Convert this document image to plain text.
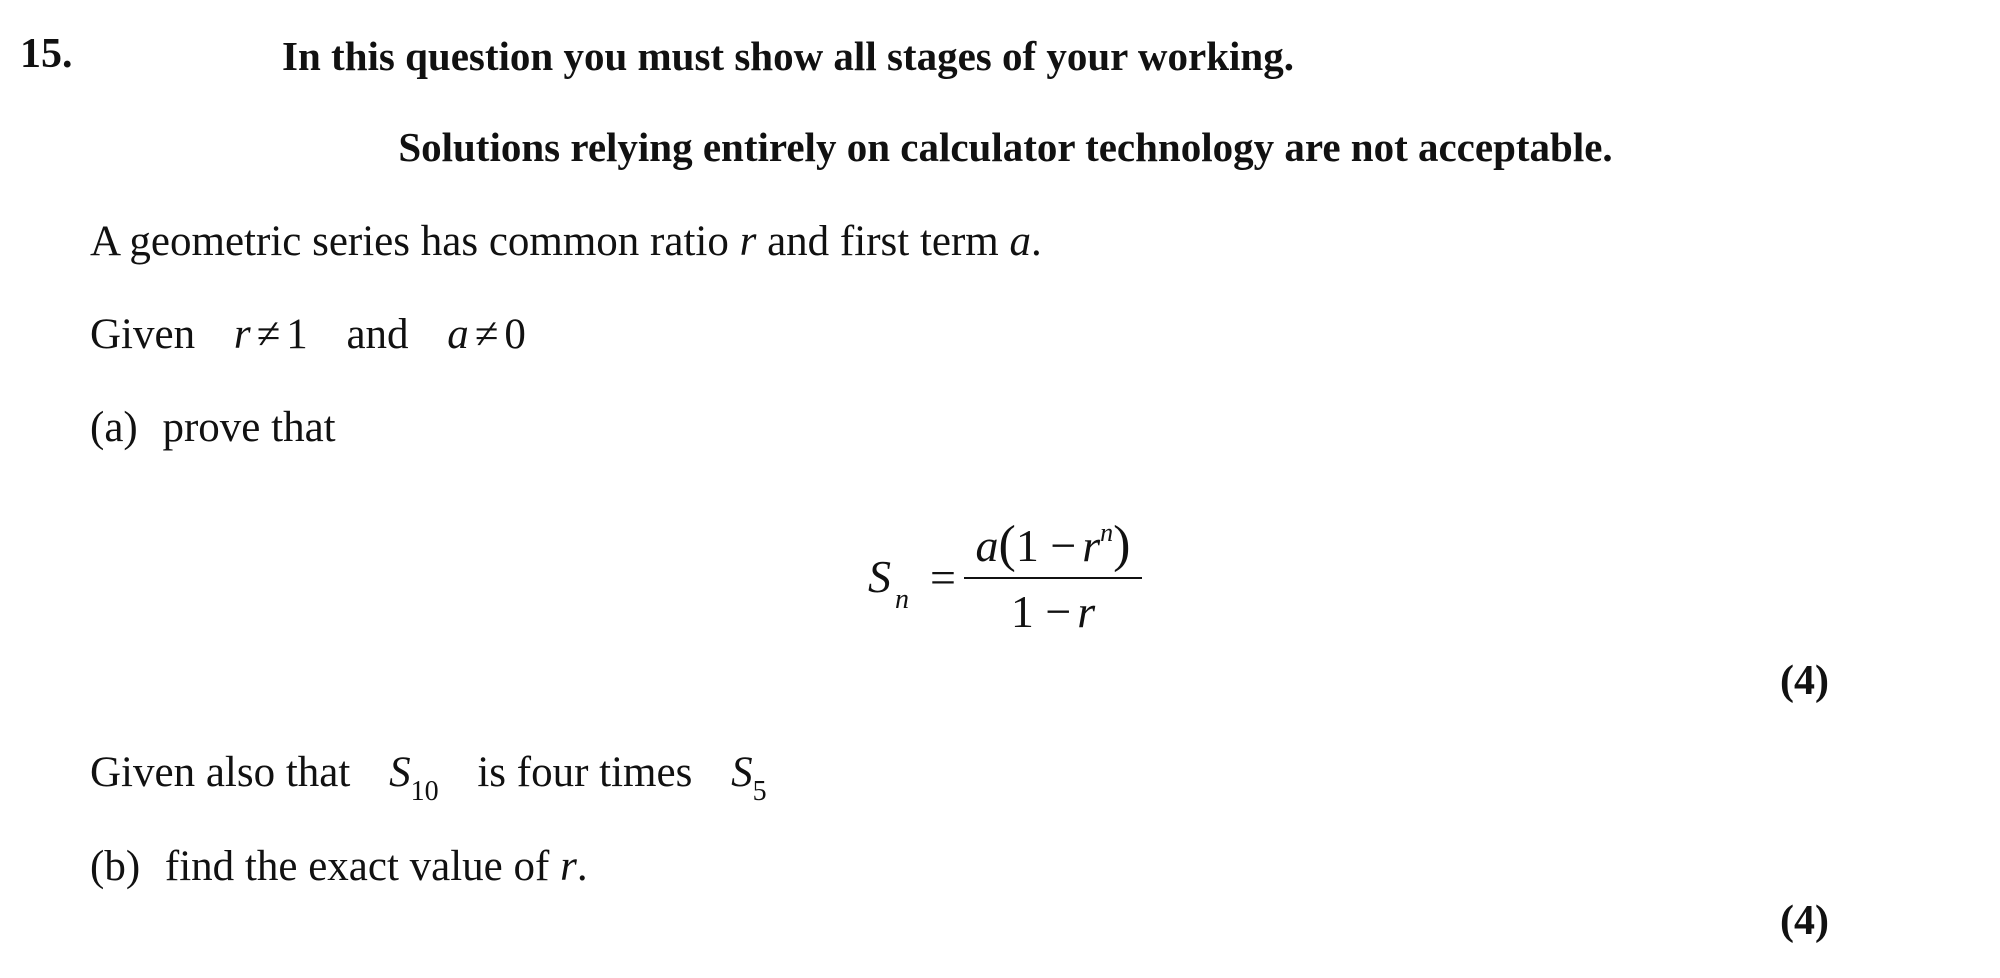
15.	In this question you must show all stages of your working.
Solutions relying entirely on calculator technology are not acceptable.
A geometric series has common ratio r and first term a.
Given r ≠ 1 and a ≠ 0
(a) prove that
S $_n$ =
$a(1 - r^n)$
1 − r
(4)
Given also that $S_{10}$ is four times $S_5$
(b) find the exact value of r.
(4)
